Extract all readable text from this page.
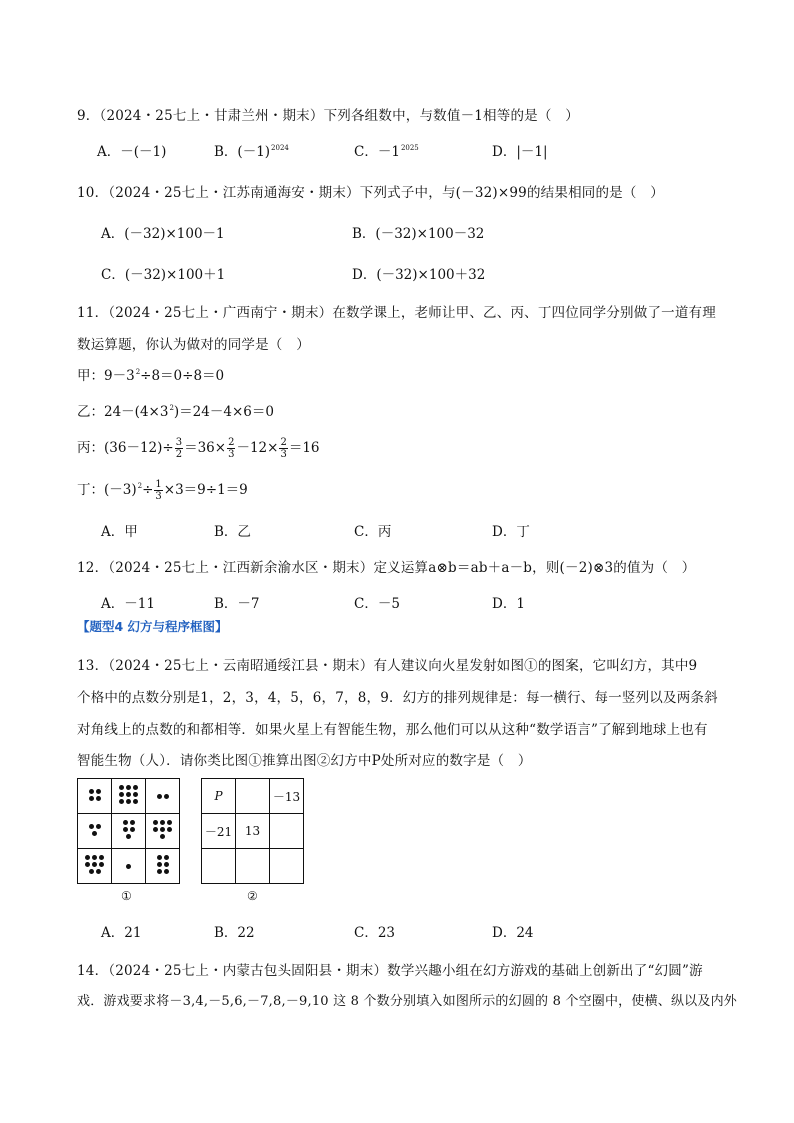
9．（2024・25七上・甘肃兰州・期末）下列各组数中，与数值－1相等的是（　）
A．－(－1)	B．$(-1)^{2024}$	C．$-1^{2025}$	D．|－1|
10．（2024・25七上・江苏南通海安・期末）下列式子中，与(－32)×99的结果相同的是（　）
A．(－32)×100－1	B．(－32)×100－32
C．(－32)×100＋1	D．(－32)×100＋32
11．（2024・25七上・广西南宁・期末）在数学课上，老师让甲、乙、丙、丁四位同学分别做了一道有理
数运算题，你认为做对的同学是（　）
甲：$9-3^2\div 8=0\div 8=0$
乙：$24-(4\times 3^2)=24-4\times 6=0$
丙：$(36-12)\div \frac{3}{2} =36\times \frac{2}{3} -12\times \frac{2}{3} =16$
丁：$(-3)^2\div \frac{1}{3} \times 3=9\div 1=9$
A．甲	B．乙	C．丙	D．丁
12．（2024・25七上・江西新余渝水区・期末）定义运算a⊗b＝ab＋a－b，则(－2)⊗3的值为（　）
A．－11	B．－7	C．－5	D．1
【题型4 幻方与程序框图】
13．（2024・25七上・云南昭通绥江县・期末）有人建议向火星发射如图①的图案，它叫幻方，其中9
个格中的点数分别是1，2，3，4，5，6，7，8，9．幻方的排列规律是：每一横行、每一竖列以及两条斜
对角线上的点数的和都相等．如果火星上有智能生物，那么他们可以从这种“数学语言”了解到地球上也有
智能生物（人）．请你类比图①推算出图②幻方中P处所对应的数字是（　）

①
P		－13
－21	13	

②
A．21	B．22	C．23	D．24
14．（2024・25七上・内蒙古包头固阳县・期末）数学兴趣小组在幻方游戏的基础上创新出了“幻圆”游
戏．游戏要求将－3,4,－5,6,－7,8,－9,10 这 8 个数分别填入如图所示的幻圆的 8 个空圈中，使横、纵以及内外
